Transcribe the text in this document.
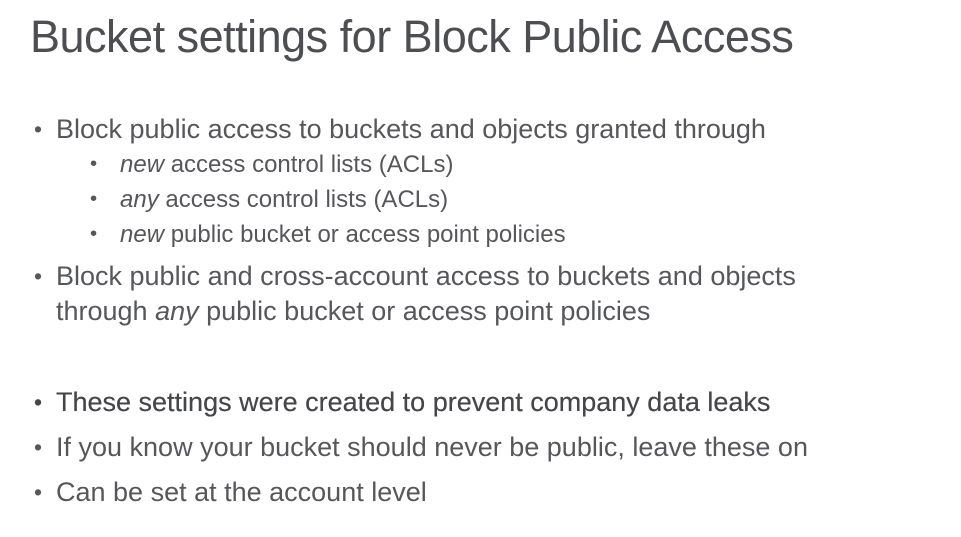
Bucket settings for Block Public Access
• Block public access to buckets and objects granted through
• new access control lists (ACLs)
• any access control lists (ACLs)
• new public bucket or access point policies
• Block public and cross-account access to buckets and objects
through any public bucket or access point policies
• These settings were created to prevent company data leaks
• If you know your bucket should never be public, leave these on
• Can be set at the account level
